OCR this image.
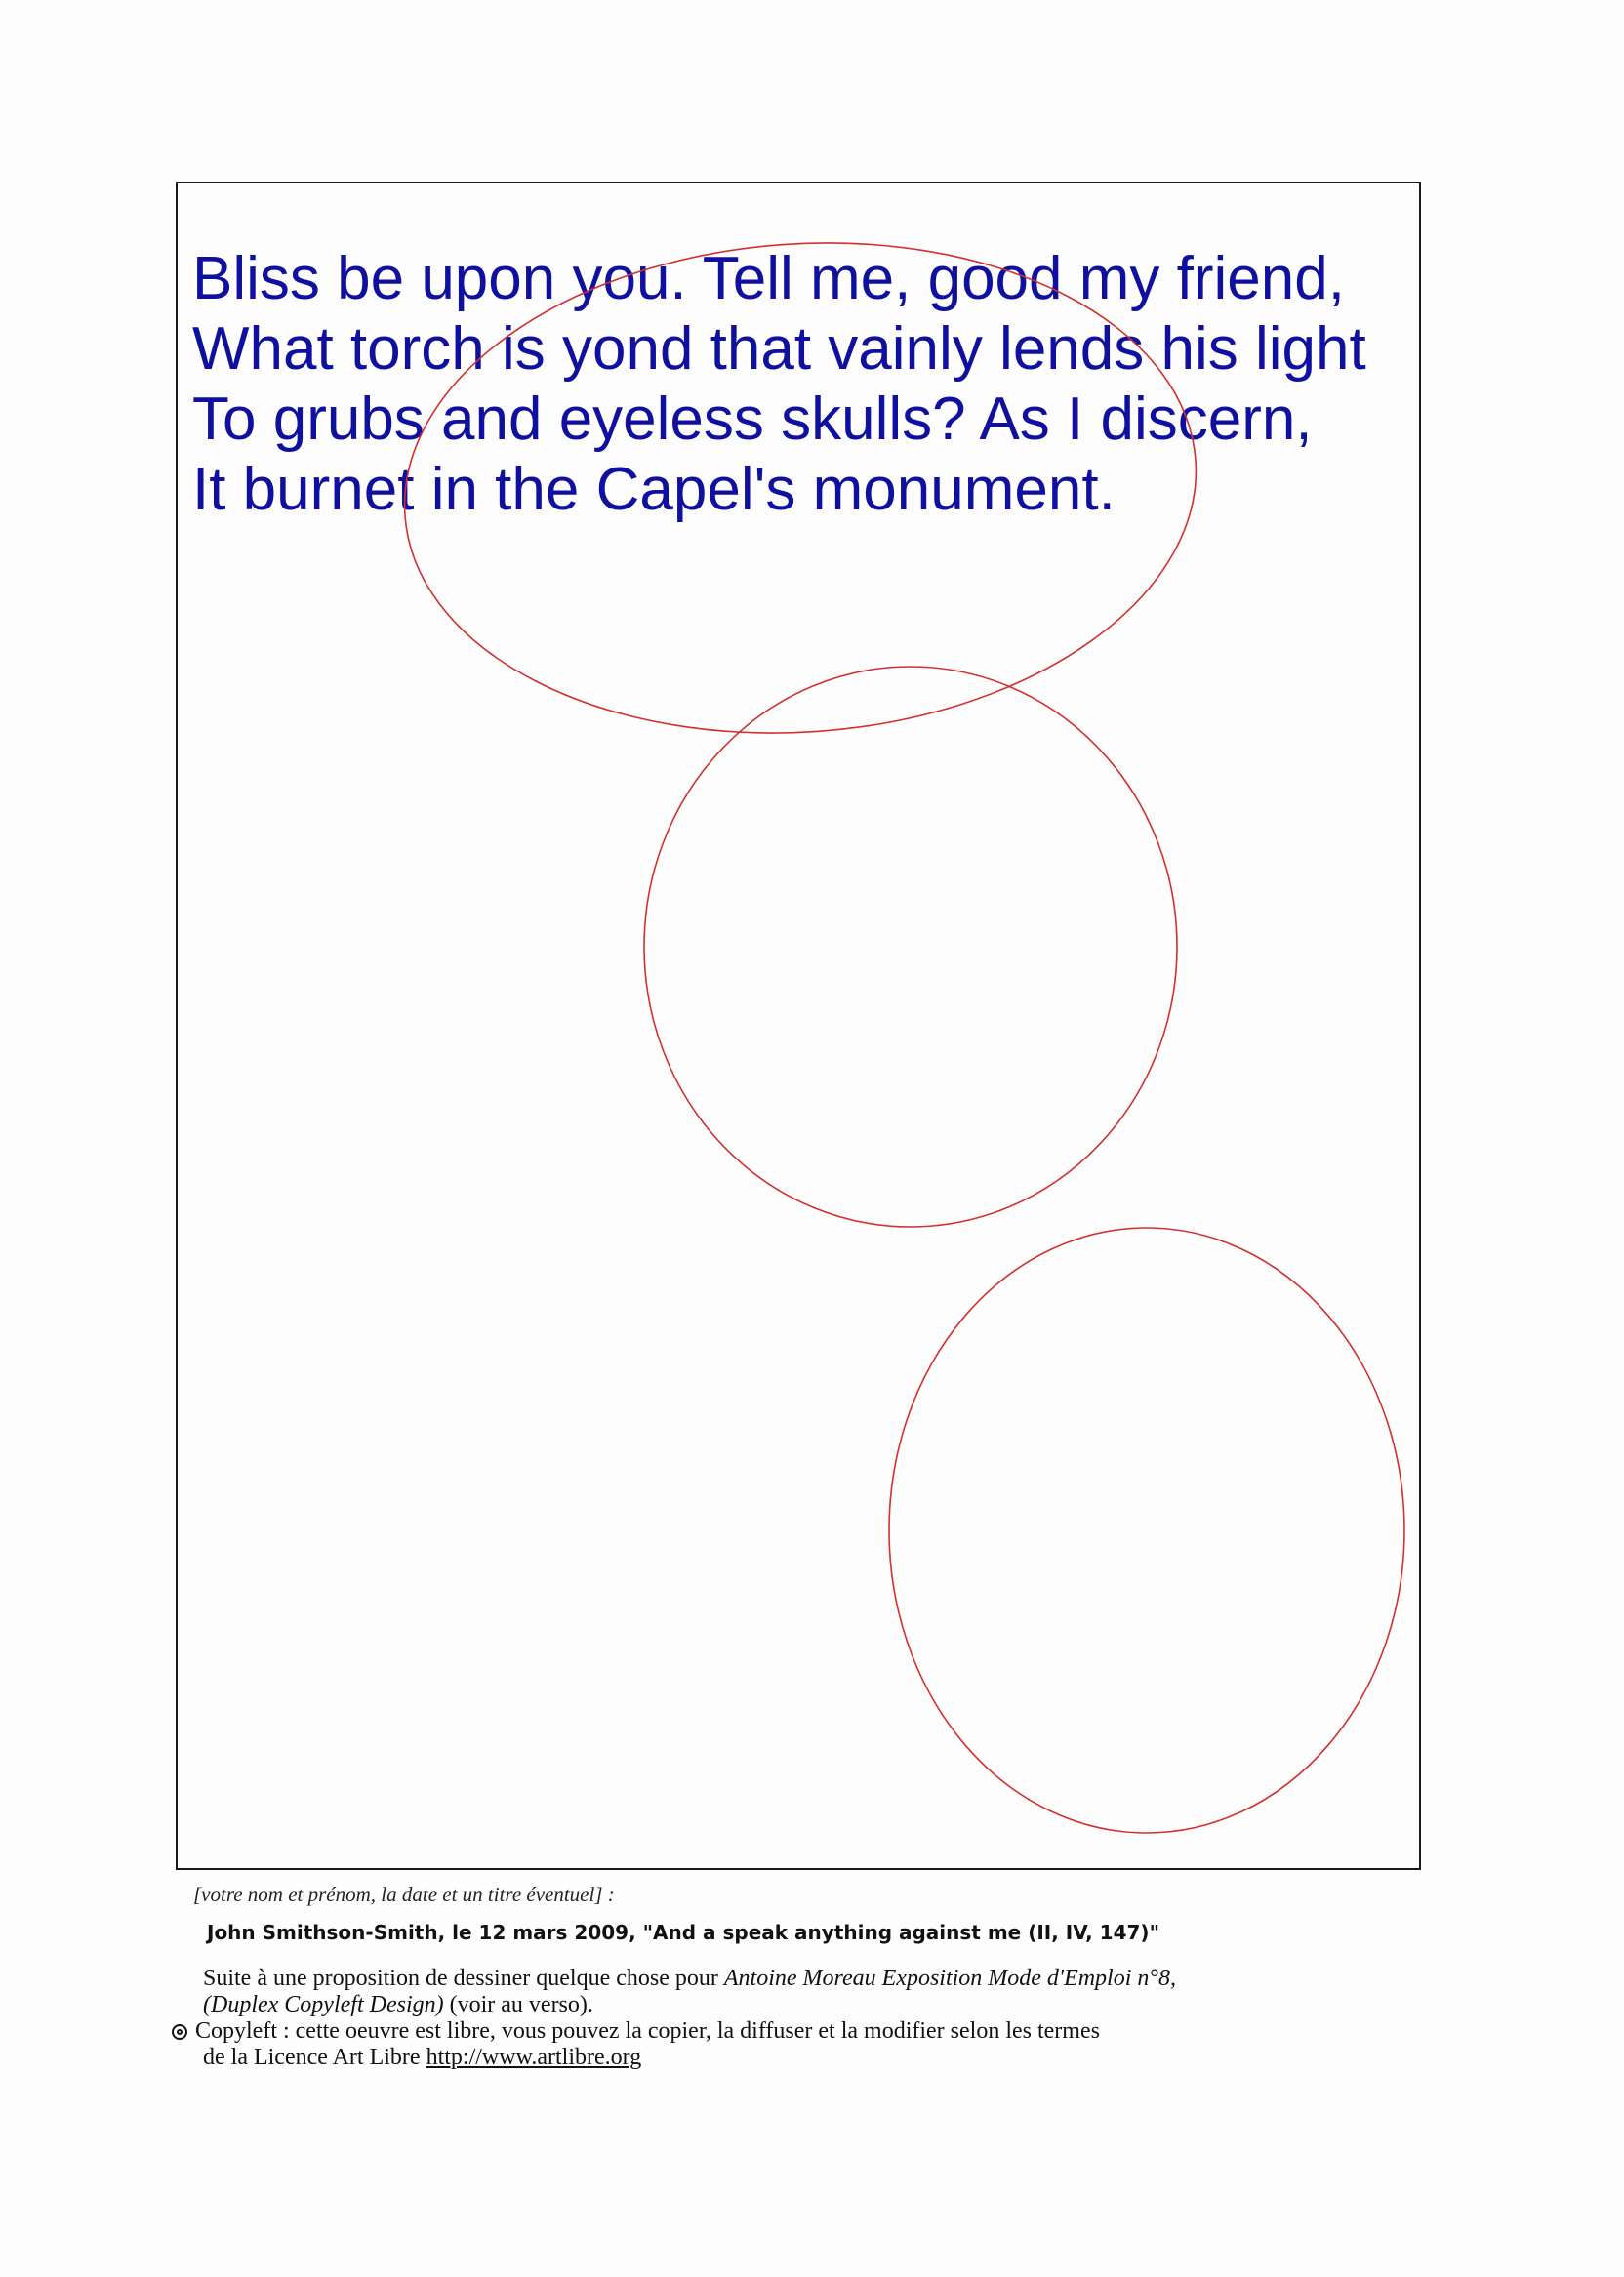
Bliss be upon you. Tell me, good my friend,
What torch is yond that vainly lends his light
To grubs and eyeless skulls? As I discern,
It burnet in the Capel's monument.
[votre nom et prénom, la date et un titre éventuel] :
John Smithson-Smith, le 12 mars 2009, "And a speak anything against me (II, IV, 147)"
Suite à une proposition de dessiner quelque chose pour Antoine Moreau Exposition Mode d'Emploi n°8,
(Duplex Copyleft Design) (voir au verso).
Copyleft : cette oeuvre est libre, vous pouvez la copier, la diffuser et la modifier selon les termes
de la Licence Art Libre http://www.artlibre.org
